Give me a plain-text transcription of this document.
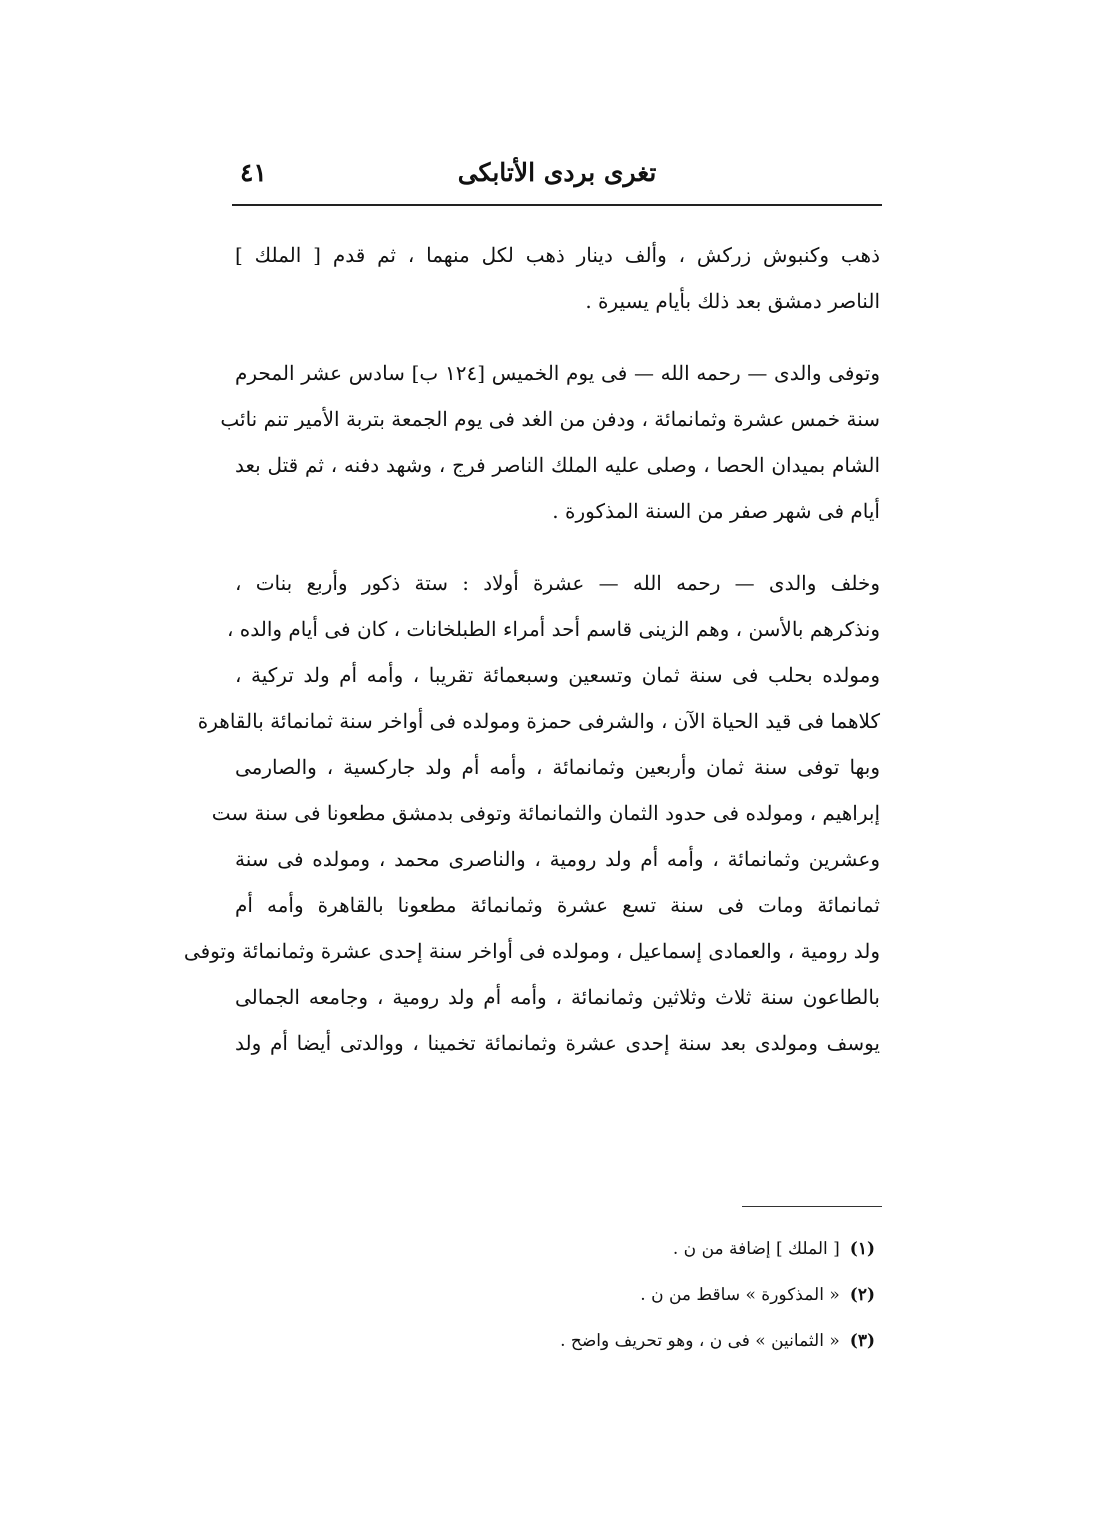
تغرى بردى الأتابكى
٤١

ذهب وكنبوش زركش ، وألف دينار ذهب لكل منهما ، ثم قدم [ الملك ]
الناصر دمشق بعد ذلك بأيام يسيرة .

وتوفى والدى — رحمه الله — فى يوم الخميس [١٢٤ ب] سادس عشر المحرم
سنة خمس عشرة وثمانمائة ، ودفن من الغد فى يوم الجمعة بتربة الأمير تنم نائب
الشام بميدان الحصا ، وصلى عليه الملك الناصر فرج ، وشهد دفنه ، ثم قتل بعد
أيام فى شهر صفر من السنة المذكورة .

وخلف والدى — رحمه الله — عشرة أولاد : ستة ذكور وأربع بنات ،
ونذكرهم بالأسن ، وهم الزينى قاسم أحد أمراء الطبلخانات ، كان فى أيام والده ،
ومولده بحلب فى سنة ثمان وتسعين وسبعمائة تقريبا ، وأمه أم ولد تركية ،
كلاهما فى قيد الحياة الآن ، والشرفى حمزة ومولده فى أواخر سنة ثمانمائة بالقاهرة
وبها توفى سنة ثمان وأربعين وثمانمائة ، وأمه أم ولد جاركسية ، والصارمى
إبراهيم ، ومولده فى حدود الثمان والثمانمائة وتوفى بدمشق مطعونا فى سنة ست
وعشرين وثمانمائة ، وأمه أم ولد رومية ، والناصرى محمد ، ومولده فى سنة
ثمانمائة ومات فى سنة تسع عشرة وثمانمائة مطعونا بالقاهرة وأمه أم
ولد رومية ، والعمادى إسماعيل ، ومولده فى أواخر سنة إحدى عشرة وثمانمائة وتوفى
بالطاعون سنة ثلاث وثلاثين وثمانمائة ، وأمه أم ولد رومية ، وجامعه الجمالى
يوسف ومولدى بعد سنة إحدى عشرة وثمانمائة تخمينا ، ووالدتى أيضا أم ولد

(١)[ الملك ] إضافة من ن .
(٢)« المذكورة » ساقط من ن .
(٣)« الثمانين » فى ن ، وهو تحريف واضح .
